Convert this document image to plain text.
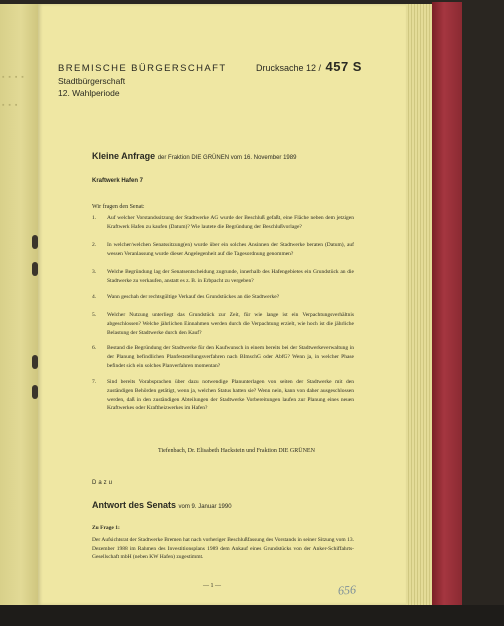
▪ ▪ ▪ ▪
▪ ▪ ▪
BREMISCHE BÜRGERSCHAFT
Stadtbürgerschaft
12. Wahlperiode
Drucksache 12 / 457 S
Kleine Anfrage der Fraktion DIE GRÜNEN vom 16. November 1989
Kraftwerk Hafen 7
Wir fragen den Senat:
1.	Auf welcher Vorstandssitzung der Stadtwerke AG wurde der Beschluß gefaßt, eine Fläche neben dem jetzigen Kraftwerk Hafen zu kaufen (Datum)? Wie lautete die Begründung der Beschlußvorlage?
2.	In welcher/welchen Senatssitzung(en) wurde über ein solches Ansinnen der Stadtwerke beraten (Datum), auf wessen Veranlassung wurde dieser Angelegenheit auf die Tagesordnung genommen?
3.	Welche Begründung lag der Senatsentscheidung zugrunde, innerhalb des Hafengebietes ein Grundstück an die Stadtwerke zu verkaufen, anstatt es z. B. in Erbpacht zu vergeben?
4.	Wann geschah der rechtsgültige Verkauf des Grundstückes an die Stadtwerke?
5.	Welcher Nutzung unterliegt das Grundstück zur Zeit, für wie lange ist ein Verpachtungsverhältnis abgeschlossen? Welche jährlichen Einnahmen werden durch die Verpachtung erzielt, wie hoch ist die jährliche Belastung der Stadtwerke durch den Kauf?
6.	Bestand die Begründung der Stadtwerke für den Kaufwunsch in einem bereits bei der Stadtwerkeverwaltung in der Planung befindlichen Planfeststellungsverfahren nach BImschG oder AbfG? Wenn ja, in welcher Phase befindet sich ein solches Planverfahren momentan?
7.	Sind bereits Vorabsprachen über dazu notwendige Planunterlagen von seiten der Stadtwerke mit den zuständigen Behörden getätigt, wenn ja, welchen Status hatten sie? Wenn nein, kann von daher ausgeschlossen werden, daß in den zuständigen Abteilungen der Stadtwerke Vorbereitungen laufen zur Planung eines neuen Kraftwerkes oder Kraftheizwerkes im Hafen?
Tiefenbach, Dr. Elisabeth Hackstein und Fraktion DIE GRÜNEN
Dazu
Antwort des Senats vom 9. Januar 1990
Zu Frage 1:
Der Aufsichtsrat der Stadtwerke Bremen hat nach vorheriger Beschlußfassung des Vorstands in seiner Sitzung vom 13. Dezember 1988 im Rahmen des Investitionsplans 1989 dem Ankauf eines Grundstücks von der Anker-Schiffahrts-Gesellschaft mbH (neben KW Hafen) zugestimmt.
— 1 —	656
